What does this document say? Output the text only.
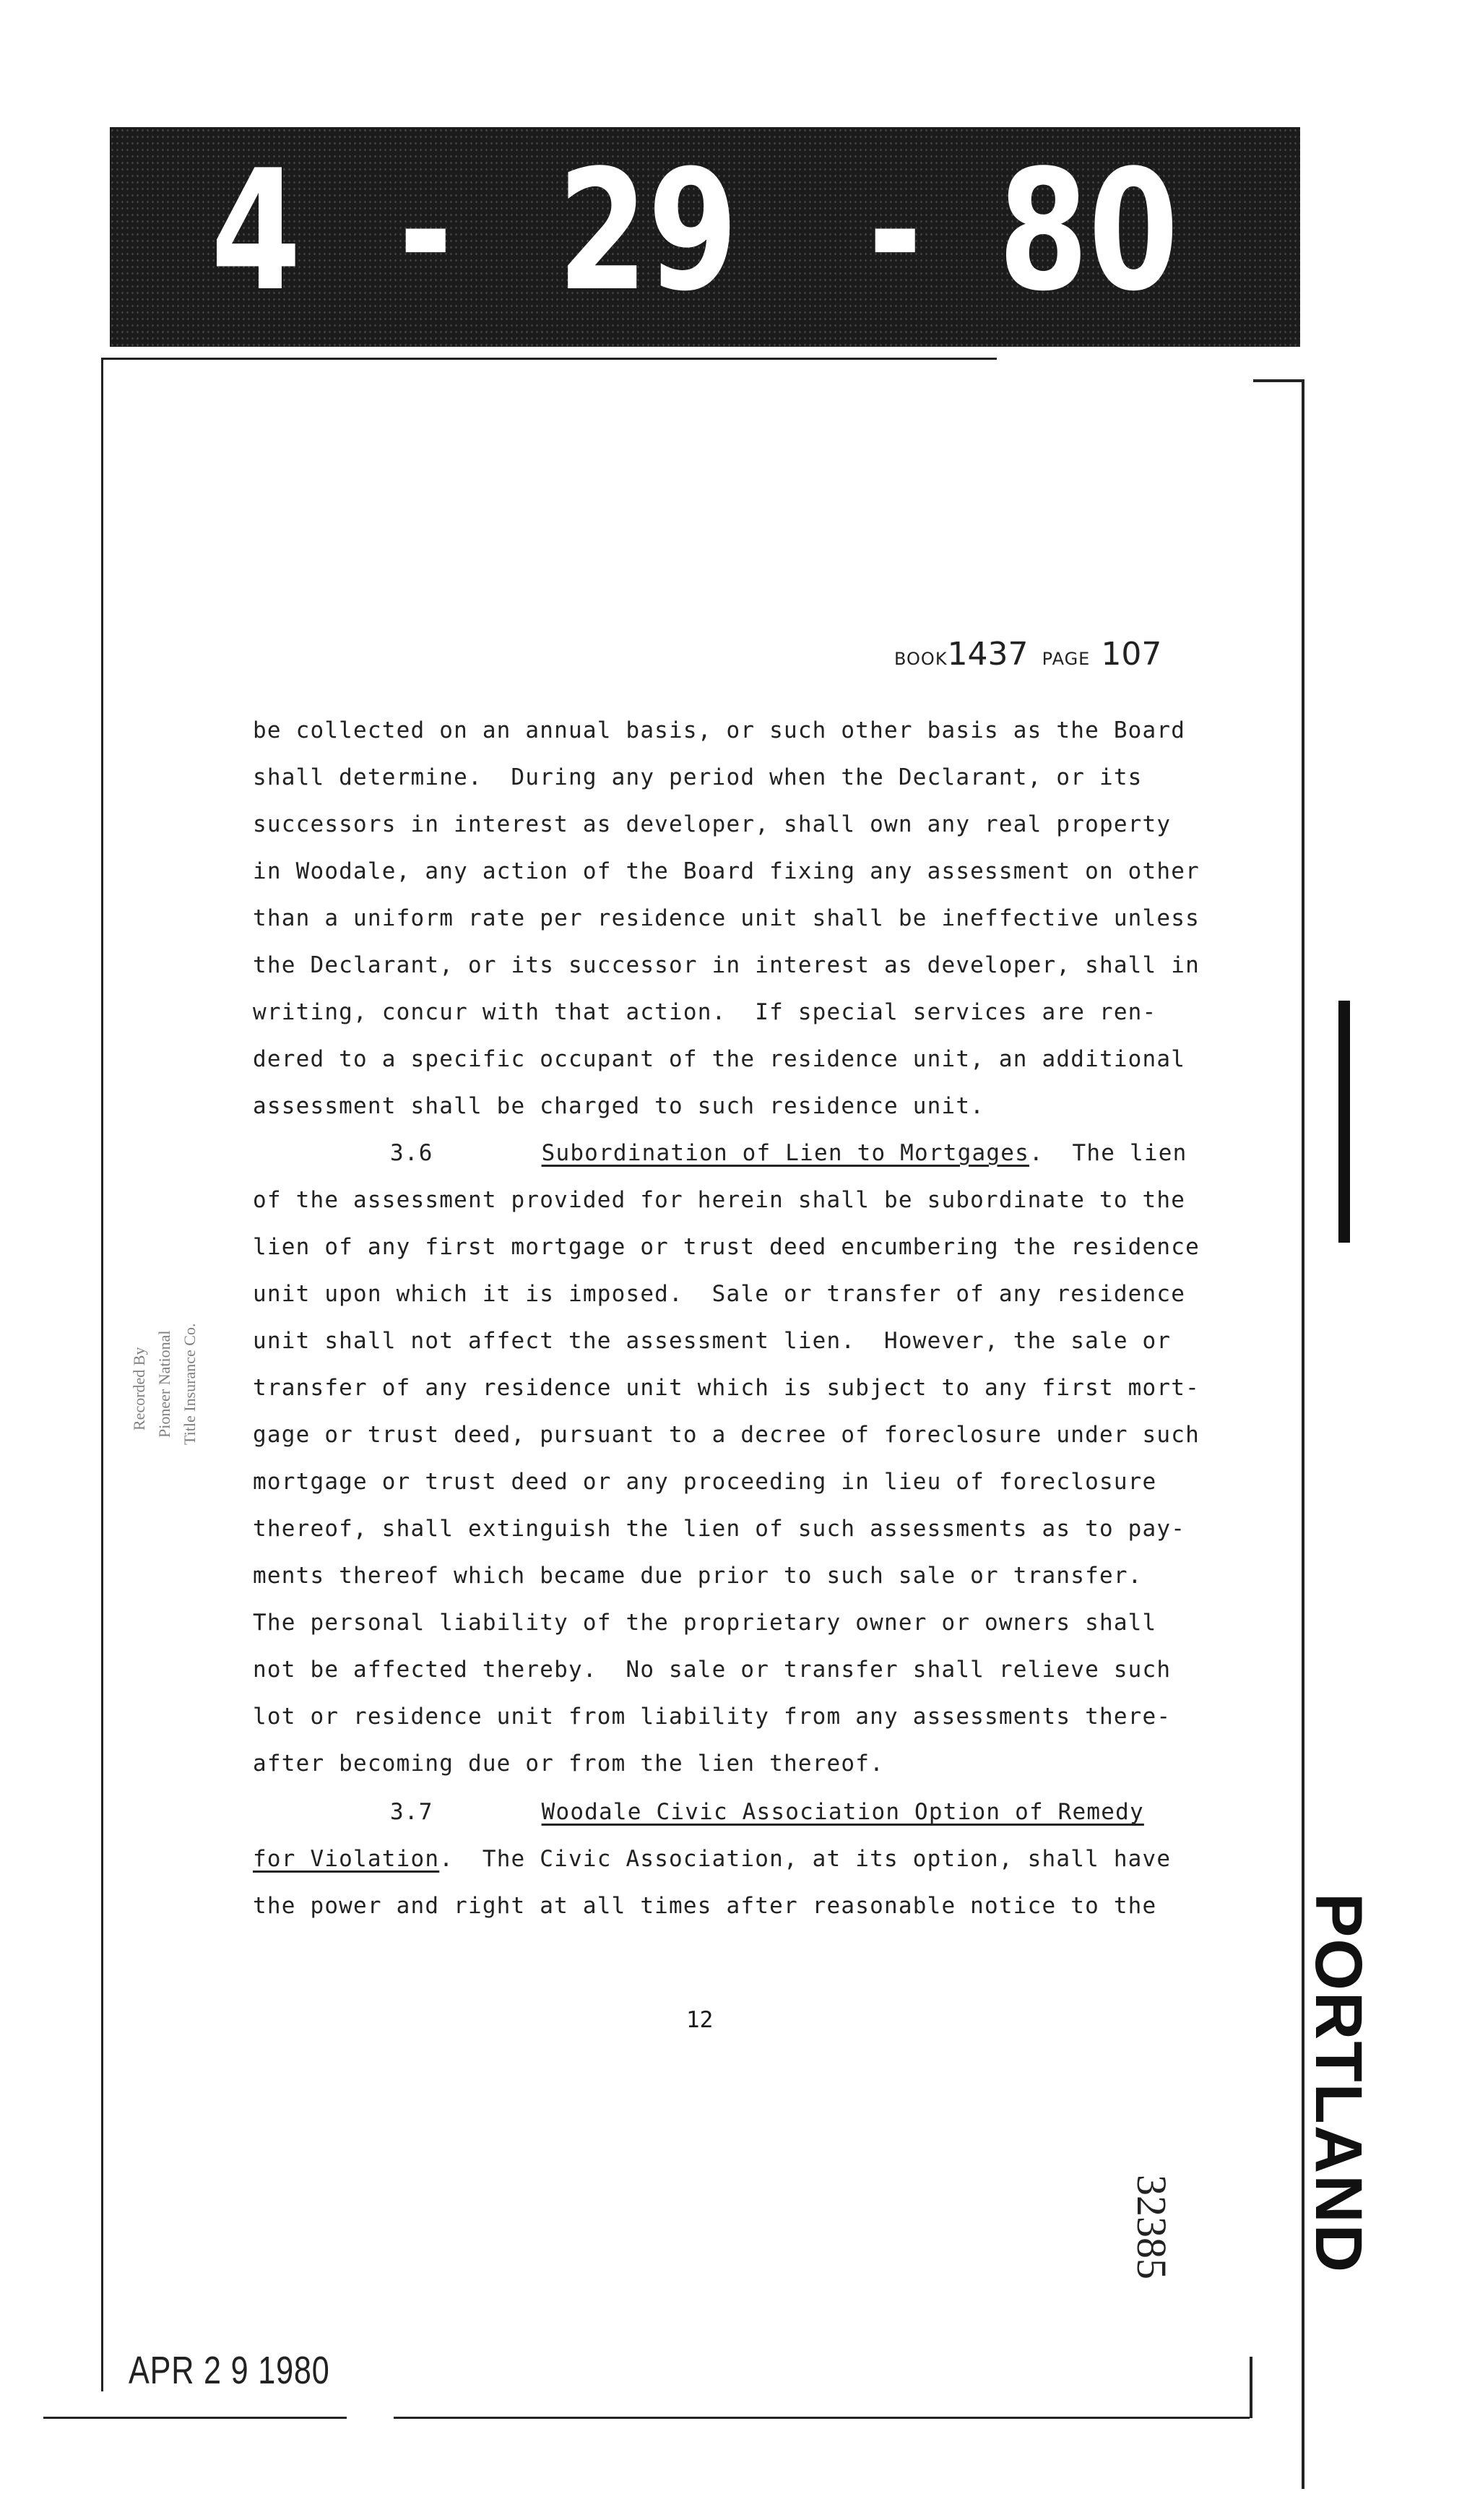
4 - 29 - 80
BOOK1437 PAGE 107
be collected on an annual basis, or such other basis as the Board
shall determine.  During any period when the Declarant, or its
successors in interest as developer, shall own any real property
in Woodale, any action of the Board fixing any assessment on other
than a uniform rate per residence unit shall be ineffective unless
the Declarant, or its successor in interest as developer, shall in
writing, concur with that action.  If special services are ren-
dered to a specific occupant of the residence unit, an additional
assessment shall be charged to such residence unit.
3.6	Subordination of Lien to Mortgages.  The lien
of the assessment provided for herein shall be subordinate to the
lien of any first mortgage or trust deed encumbering the residence
unit upon which it is imposed.  Sale or transfer of any residence
unit shall not affect the assessment lien.  However, the sale or
transfer of any residence unit which is subject to any first mort-
gage or trust deed, pursuant to a decree of foreclosure under such
mortgage or trust deed or any proceeding in lieu of foreclosure
thereof, shall extinguish the lien of such assessments as to pay-
ments thereof which became due prior to such sale or transfer.
The personal liability of the proprietary owner or owners shall
not be affected thereby.  No sale or transfer shall relieve such
lot or residence unit from liability from any assessments there-
after becoming due or from the lien thereof.
3.7	Woodale Civic Association Option of Remedy
for Violation.  The Civic Association, at its option, shall have
the power and right at all times after reasonable notice to the
12	PORTLAND
32385
APR 2 9 1980
Recorded By Pioneer National Title Insurance Co.
